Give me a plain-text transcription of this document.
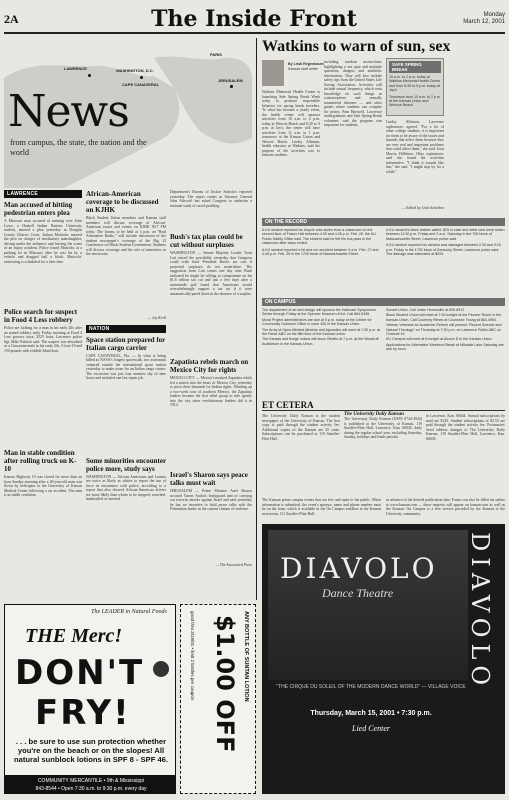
2A	The Inside Front	Monday
March 12, 2001
News
from campus, the state, the nation and the world
LAWRENCE
PARIS
WASHINGTON, D.C.
CAPE CANAVERAL
JERUSALEM
LAWRENCE
Man accused of hitting pedestrian enters plea
A Missouri man accused of running over John Lowe, a Haskell Indian Nations University student, entered a plea yesterday in Douglas County District Court. Joshua Mattocks entered the plea on charges of involuntary manslaughter, driving under the influence and leaving the scene of an injury accident. Police found Mattocks at a parking lot in Missouri after he was hit by a vehicle and dragged half a block. Mattocks' sentencing is scheduled for a later date.
Police search for suspect in Food 4 Less robbery
Police are looking for a man in his early 20s after an armed robbery early Friday morning at Food 4 Less grocery store, 2525 Iowa, Lawrence police Sgt. Mike Pattrick said. The suspect was described as a Caucasian male in his early 20s, 5-foot-10 and 150 pounds with reddish-blond hair.
Man in stable condition after rolling truck on K-10
Kansas Highway 10 was closed for more than an hour Sunday morning after a 20-year-old man was flown by helicopter to the University of Kansas Medical Center following a car accident. The man is in stable condition.
African-American coverage to be discussed on KJHK
Black Student Union members and Kansan staff members will discuss coverage of African-American issues and events on KJHK 90.7 FM today. The forum, to be held at 3 p.m. on "Real Alternative Radio," will include discussion of the student newspaper's coverage of the Big 12 Conference on Black Student Government. Students will discuss coverage and the role of minorities in the newsroom.
— Jay Kroll
NATION
Space station prepared for Italian cargo carrier
CAPE CANAVERAL, Fla. — In what is being billed as NASA's longest spacewalk, two astronauts ventured outside the international space station yesterday to make room for an Italian cargo carrier. The excursion was just four minutes shy of nine hours and included one last repair job.
Some minorities encounter police more, study says
WASHINGTON — African Americans and Latinos are twice as likely as whites to report the use of force in encounters with police, according to a report that also showed African-American drivers are more likely than whites to be stopped, searched, handcuffed or arrested.
Department's Bureau of Justice Statistics reported yesterday. The report comes as Attorney General John Ashcroft has asked Congress to authorize a national study of racial profiling.
Bush's tax plan could be cut without surpluses
WASHINGTON — Senate Majority Leader Trent Lott raised the possibility yesterday that Congress could scale back President Bush's tax cuts if projected surpluses do not materialize. The suggestion from Lott comes one day after Bush indicated he might be willing to compromise on his $1.6 trillion tax cut and just a few days after a nationwide poll found that Americans would overwhelmingly support a tax cut if it were automatically pared down in the absence of a surplus.
Zapatista rebels march on Mexico City for rights
MEXICO CITY — Mexico's masked Zapatista rebels led a march into the heart of Mexico City yesterday to press their demands for Indian rights. Winding up a two-week tour of southern Mexico, the Zapatista leaders became the first rebel group to ride openly into the city since revolutionary leaders did it in 1914.
Israel's Sharon says peace talks must wait
JERUSALEM — Prime Minister Ariel Sharon accused Yasser Arafat's bodyguard unit of carrying out terrorist attacks against Israel and said yesterday he has no incentive to hold peace talks with the Palestinian leader in the current climate of violence.
— The Associated Press
Watkins to warn of sun, sex
By Lindi Regenbaum
Kansan staff writer
Watkins Memorial Health Center is launching Safe Spring Break Week today to promote responsible behavior for spring break travelers. To what has become a yearly event, the health center will sponsor activities from 10 a.m. to 2 p.m. today at Wescoe Beach and 6:30 to 9 p.m. at Jay's, the center will have activities from 11 a.m. to 1 p.m. tomorrow at the Kansas Union and Wescoe Beach. Lindsy Alleman, health educator at Watkins, said the purpose of the activities was to educate students.
including condom instructions, highlighting a sex quiz and multiple questions, dangers and antibiotic information. They will also include safety tips from the United States Life Saving Association. Activities will include sexual frequency, which tests knowledge on such things as contraceptives and sexually transmitted diseases — and other games where students can compete for prizes. Pam Hartwell, Lawrence undergraduate and Safe Spring Break volunteer, said the program was important for students.
SAFE SPRING BREAK
10 a.m. to 2 p.m. today at Watkins Memorial Health Center and from 6:30 to 9 p.m. today at Jay's
Tomorrow from 10 a.m. to 2 p.m. at the Kansas Union and Wescoe Beach
Lindsy Alleman, Lawrence sophomore, agreed. "For a lot of other college students, it is important for them to be aware of the issues and hazards that affect them because they are very real and important problems that could affect them," she said. Jessi Morris, Hillsboro, Ohio, sophomore, said she found the activities informative. "I think it sounds like fun," she said. "I might stop by for a while."
— Edited by Leila Scheihea
ON THE RECORD
A KU student reported his bicycle was stolen from a classroom on the second floor of Fraser Hall between 4:30 and 4:45 p.m. Feb. 28, the KU Public Safety Office said. The student said he left his bus pass in the classroom after class ended.
A KU student reported a hit and run accident between 9 a.m. Feb. 27 and 4:45 p.m. Feb. 28 in the 1700 block of Massachusetts Street.
A KU student's black leather wallet, $25 in cash and debit card were stolen between 11:30 p.m. Friday and 2 a.m. Saturday in the 700 block of Massachusetts Street, Lawrence police said.
A KU student reported his window was damaged between 2:30 and 9:15 p.m. Friday in the 1700 block of Kentucky Street, Lawrence police said. The damage was estimated at $200.
ON CAMPUS
The department of art and design will sponsor the Hallmark Symposium Series through Friday at the Spencer Museum of Art. Call 864-5436.
Mural Project administrators are due at 5 p.m. today at the Center for Community Outreach Office in room 426 in the Kansas Union.
The Army of Open-Minded Atheists and Agnostics will meet at 7:30 p.m. at the Parlor ABC on the fifth floor of the Kansas Union.
The Kansas and Burge unions will show Othello at 7 p.m. at the Woodruff Auditorium in the Kansas Union.
Sunset Union. Call Justin Hermosillo at 830-6912.
Black Student Union will meet at 7:30 tonight at the Pioneer Room in the Kansas Union. Call Courtney Rimes at Counselor Young at 864-4904.
Veteran Veterans for Academic Reform will present "Recent Science and Natural Theology" on Thursday at 7:30 p.m. on Lawrence Public ABC on Channel 19.
KU Campus will meet at 8 tonight at Alcove D in the Kansas Union.
Applications for Alternative Weekend Break at Hillsdale Lake Saturday are due by noon.
ET CETERA
The University Daily Kansan is the student newspaper of the University of Kansas. The first copy is paid through the student activity fee. Additional copies of the Kansan are 25 cents. Subscriptions can be purchased at 119 Stauffer-Flint Hall.
The University Daily Kansan
The University Daily Kansan (USPS 0744-4942) is published at the University of Kansas, 119 Stauffer-Flint Hall, Lawrence, Kan. 66045, daily during the regular school year, excluding Saturday, Sunday, holidays and finals periods.
in Lawrence, Kan. 66044. Annual subscriptions by mail are $120. Student subscriptions of $2.53 are paid through the student activity fee. Postmaster: Send address changes to The University Daily Kansan, 119 Stauffer-Flint Hall, Lawrence, Kan. 66045.
The Kansan prints campus events that are free and open to the public. When information is submitted, the event's sponsor, name and phone number must be on the form, which is available in the On Campus mailbox in the Kansan newsroom, 111 Stauffer-Flint Hall.
in advance of the desired publication date. Forms can also be filled out online at www.kansan.com — these requests will appear on kansan.com as well as the Kansan. On Campus is a free service provided by the Kansan to the University community.
The LEADER in Natural Foods
THE Merc!
DON'T
FRY!
. . . be sure to use sun protection whether you're on the beach or on the slopes! All natural sunblock lotions in SPF 8 - SPF 46.
COMMUNITY MERCANTILE • 9th & Mississippi
843-8544 • Open 7:30 a.m. to 9:30 p.m. every day
$1.00 OFF ANY BOTTLE OF SUNTAN LOTION
good thru 3/19/01 • limit 2 bottles per coupon
DIAVOLO
Dance Theatre
"THE CIRQUE DU SOLEIL OF THE MODERN DANCE WORLD" — VILLAGE VOICE
Thursday, March 15, 2001 • 7:30 p.m.
Lied Center
DIAVOLO
